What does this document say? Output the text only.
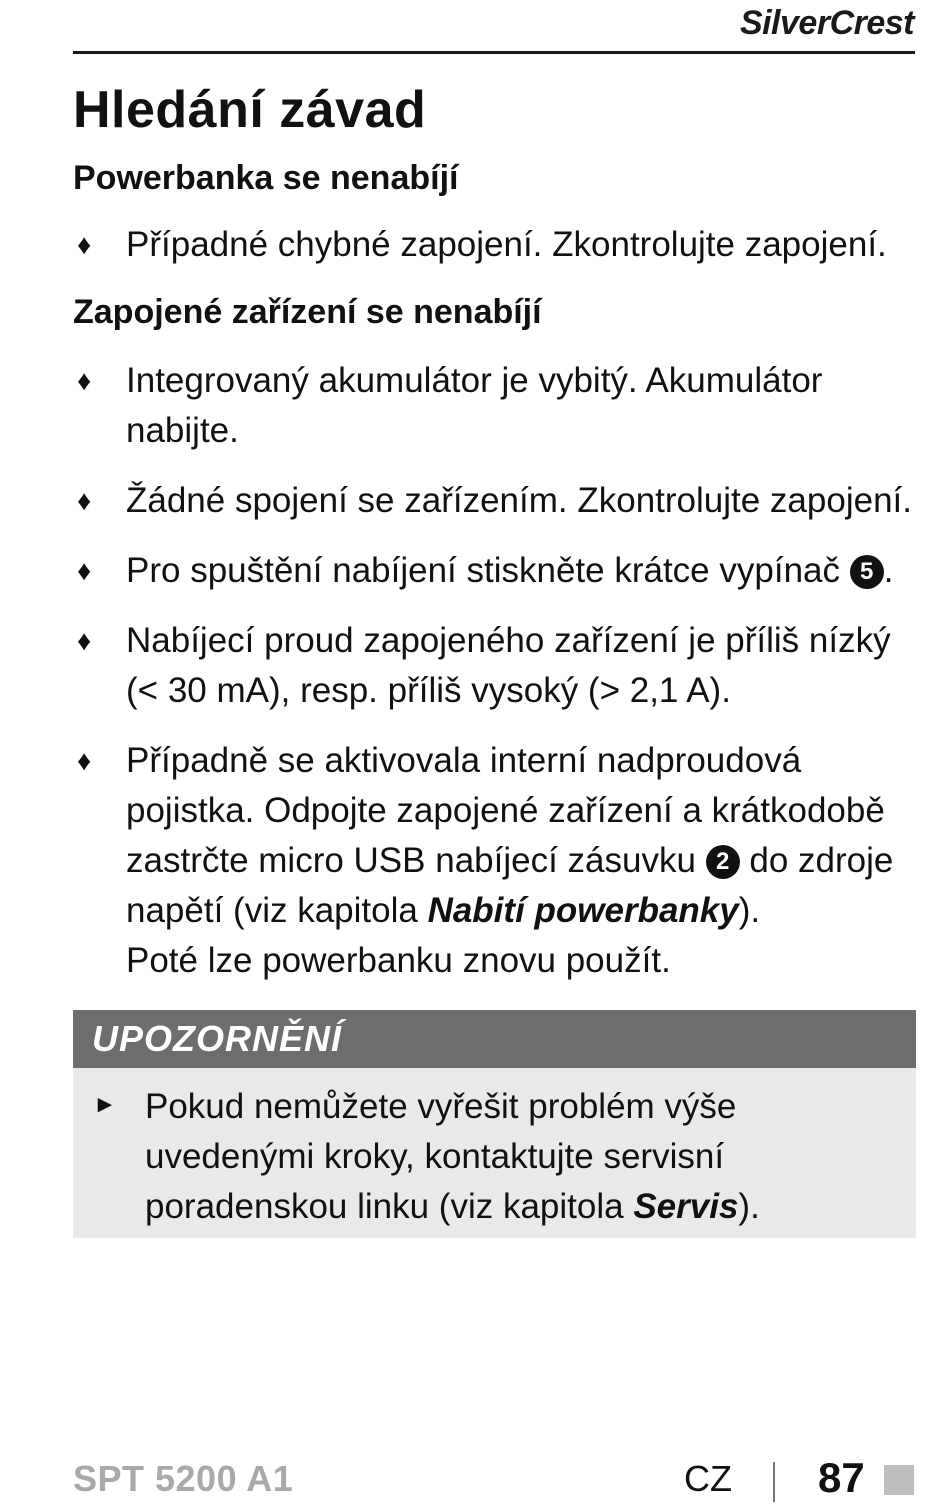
SilverCrest
Hledání závad
Powerbanka se nenabíjí
♦ Případné chybné zapojení. Zkontrolujte zapojení.
Zapojené zařízení se nenabíjí
♦ Integrovaný akumulátor je vybitý. Akumulátor nabijte.
♦ Žádné spojení se zařízením. Zkontrolujte zapojení.
♦ Pro spuštění nabíjení stiskněte krátce vypínač 5 .
♦ Nabíjecí proud zapojeného zařízení je příliš nízký (< 30 mA), resp. příliš vysoký (> 2,1 A).
♦ Případně se aktivovala interní nadproudová pojistka. Odpojte zapojené zařízení a krátkodobě zastrčte micro USB nabíjecí zásuvku 2 do zdroje napětí (viz kapitola Nabití powerbanky).
Poté lze powerbanku znovu použít.
UPOZORNĚNÍ
► Pokud nemůžete vyřešit problém výše uvedenými kroky, kontaktujte servisní poradenskou linku (viz kapitola Servis).
SPT 5200 A1	CZ 87
